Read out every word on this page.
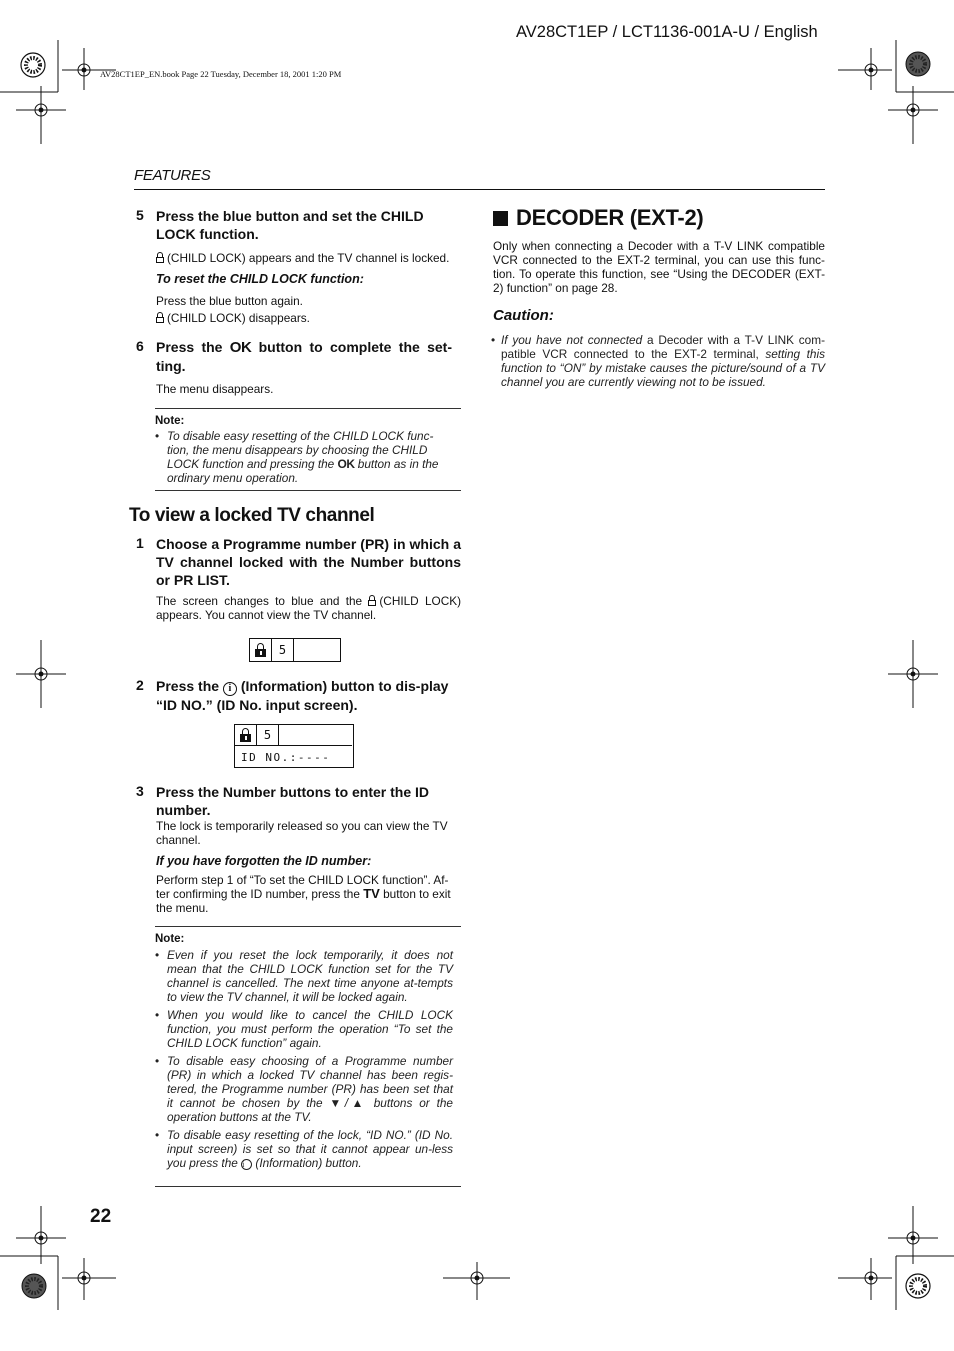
AV28CT1EP / LCT1136-001A-U / English
AV28CT1EP_EN.book Page 22 Tuesday, December 18, 2001 1:20 PM
FEATURES
22
5 Press the blue button and set the CHILD LOCK function.
(CHILD LOCK) appears and the TV channel is locked.
To reset the CHILD LOCK function:
Press the blue button again.
(CHILD LOCK) disappears.
6 Press the OK button to complete the set-ting.
The menu disappears.
Note:
• To disable easy resetting of the CHILD LOCK func-tion, the menu disappears by choosing the CHILD LOCK function and pressing the OK button as in the ordinary menu operation.
To view a locked TV channel
1 Choose a Programme number (PR) in which a TV channel locked with the Number buttons or PR LIST.
The screen changes to blue and the (CHILD LOCK) appears. You cannot view the TV channel.
5
2 Press the i (Information) button to dis-play “ID NO.” (ID No. input screen).
5
ID NO.:----
3 Press the Number buttons to enter the ID number.
The lock is temporarily released so you can view the TV channel.
If you have forgotten the ID number:
Perform step 1 of “To set the CHILD LOCK function”. Af-ter confirming the ID number, press the TV button to exit the menu.
Note:
• Even if you reset the lock temporarily, it does not mean that the CHILD LOCK function set for the TV channel is cancelled. The next time anyone at-tempts to view the TV channel, it will be locked again.
• When you would like to cancel the CHILD LOCK function, you must perform the operation “To set the CHILD LOCK function” again.
• To disable easy choosing of a Programme number (PR) in which a locked TV channel has been regis-tered, the Programme number (PR) has been set that it cannot be chosen by the ▼/▲ buttons or the operation buttons at the TV.
• To disable easy resetting of the lock, “ID NO.” (ID No. input screen) is set so that it cannot appear un-less you press the i (Information) button.
DECODER (EXT-2)
Only when connecting a Decoder with a T-V LINK compatible VCR connected to the EXT-2 terminal, you can use this func-tion. To operate this function, see “Using the DECODER (EXT-2) function” on page 28.
Caution:
• If you have not connected a Decoder with a T-V LINK com-patible VCR connected to the EXT-2 terminal, setting this function to “ON” by mistake causes the picture/sound of a TV channel you are currently viewing not to be issued.
